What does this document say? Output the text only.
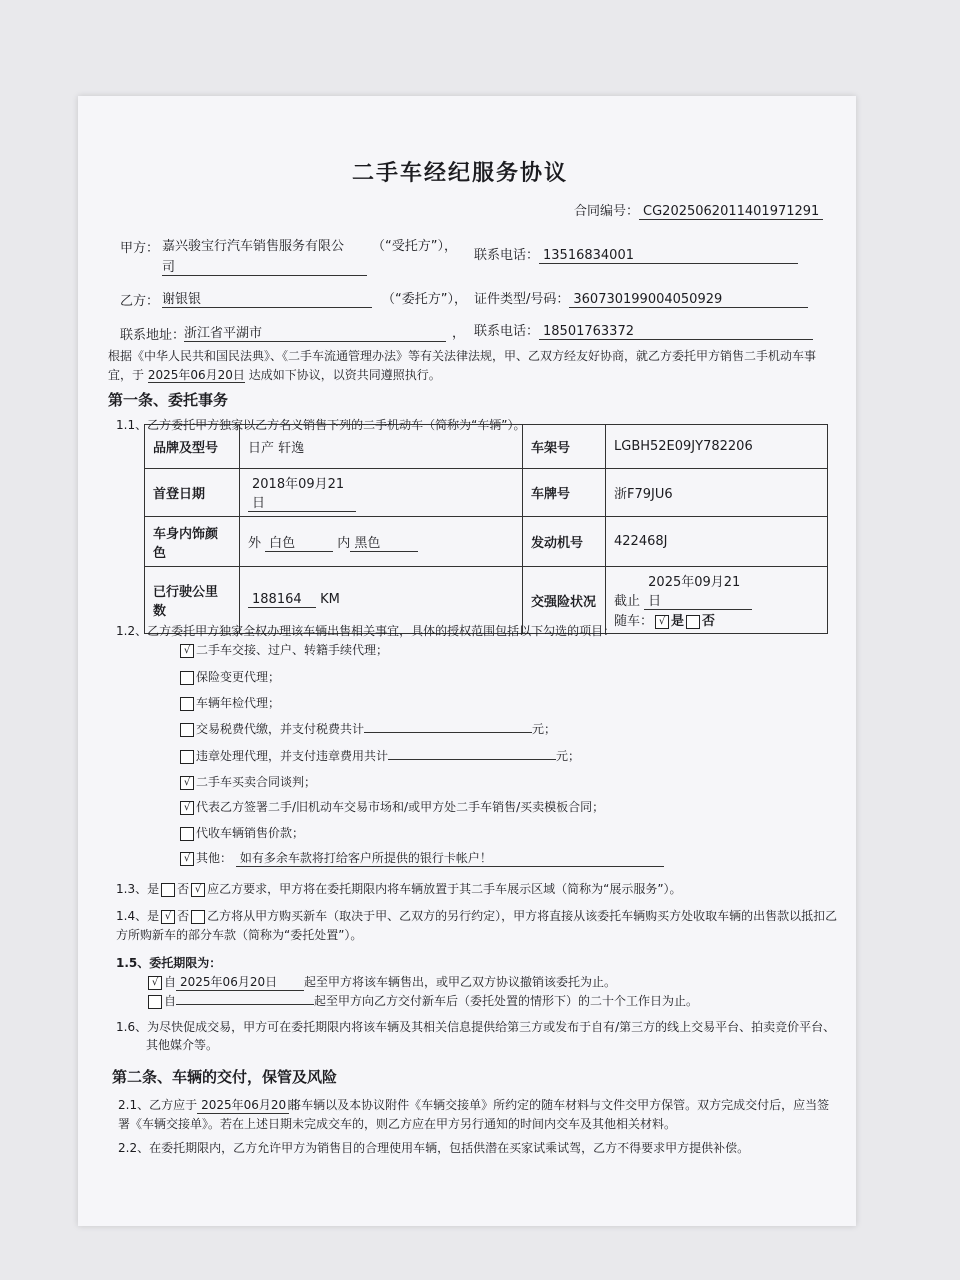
二手车经纪服务协议
合同编号： CG2025062011401971291
甲方： 嘉兴骏宝行汽车销售服务有限公
司
（“受托方”），
联系电话： 13516834001
乙方： 谢银银	（“委托方”）， 证件类型/号码： 360730199004050929
联系地址：
浙江省平湖市	， 联系电话： 18501763372
根据《中华人民共和国民法典》、《二手车流通管理办法》等有关法律法规，甲、乙双方经友好协商，就乙方委托甲方销售二手机动车事
宜，于 2025年06月20日 达成如下协议，以资共同遵照执行。
第一条、委托事务
1.1、乙方委托甲方独家以乙方名义销售下列的二手机动车（简称为“车辆”）。
品牌及型号	日产 轩逸	车架号	LGBH52E09JY782206
首登日期	2018年09月21日	车牌号	浙F79JU6
车身内饰颜
色	外 白色 内 黑色	发动机号	422468J
已行驶公里
数	188164 KM	交强险状况	截止 2025年09月21日
随车： √ 是 否
1.2、乙方委托甲方独家全权办理该车辆出售相关事宜，具体的授权范围包括以下勾选的项目：
√ 二手车交接、过户、转籍手续代理；
保险变更代理；
车辆年检代理；
交易税费代缴，并支付税费共计	元；
违章处理代理，并支付违章费用共计	元；
√ 二手车买卖合同谈判；
√ 代表乙方签署二手/旧机动车交易市场和/或甲方处二手车销售/买卖模板合同；
代收车辆销售价款；
√ 其他： 如有多余车款将打给客户所提供的银行卡帐户！
1.3、是 否 √ 应乙方要求，甲方将在委托期限内将车辆放置于其二手车展示区域（简称为“展示服务”）。
1.4、是 √ 否 乙方将从甲方购买新车（取决于甲、乙双方的另行约定），甲方将直接从该委托车辆购买方处收取车辆的出售款以抵扣乙
方所购新车的部分车款（简称为“委托处置”）。
1.5、委托期限为：
√ 自 2025年06月20日 起至甲方将该车辆售出，或甲乙双方协议撤销该委托为止。
自	起至甲方向乙方交付新车后（委托处置的情形下）的二十个工作日为止。
1.6、为尽快促成交易，甲方可在委托期限内将该车辆及其相关信息提供给第三方或发布于自有/第三方的线上交易平台、拍卖竞价平台、
其他媒介等。
第二条、车辆的交付，保管及风险
2.1、乙方应于 2025年06月20日将车辆以及本协议附件《车辆交接单》所约定的随车材料与文件交甲方保管。双方完成交付后，应当签
署《车辆交接单》。若在上述日期未完成交车的，则乙方应在甲方另行通知的时间内交车及其他相关材料。
2.2、在委托期限内，乙方允许甲方为销售目的合理使用车辆，包括供潜在买家试乘试驾，乙方不得要求甲方提供补偿。
